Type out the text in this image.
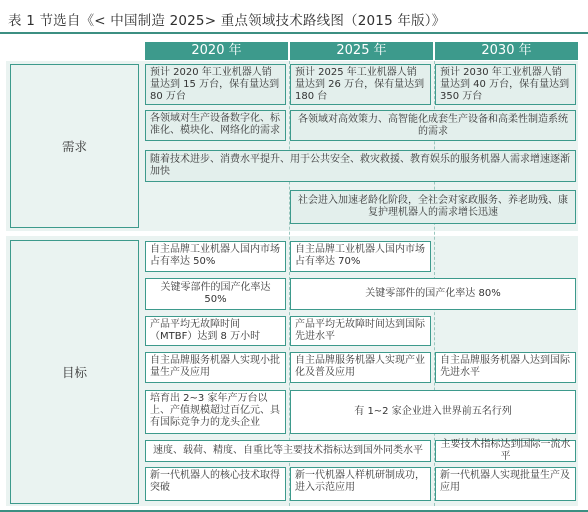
表 1 节选自《< 中国制造 2025> 重点领域技术路线图（2015 年版）》
2020 年	2025 年	2030 年
需求
目标
预计 2020 年工业机器人销量达到 15 万台，保有量达到 80 万台
预计 2025 年工业机器人销量达到 26 万台，保有量达到 180 台
预计 2030 年工业机器人销量达到 40 万台，保有量达到 350 万台
各领域对生产设备数字化、标准化、模块化、网络化的需求
各领域对高效策力、高智能化成套生产设备和高柔性制造系统的需求
随着技术进步、消费水平提升、用于公共安全、救灾救援、教育娱乐的服务机器人需求增速逐渐加快
社会进入加速老龄化阶段，全社会对家政服务、养老助残、康复护理机器人的需求增长迅速
自主品牌工业机器人国内市场占有率达 50%
自主品牌工业机器人国内市场占有率达 70%
关键零部件的国产化率达 50%
关键零部件的国产化率达 80%
产品平均无故障时间（MTBF）达到 8 万小时
产品平均无故障时间达到国际先进水平
自主品牌服务机器人实现小批量生产及应用
自主品牌服务机器人实现产业化及普及应用
自主品牌服务机器人达到国际先进水平
培育出 2~3 家年产万台以上、产值规模超过百亿元、具有国际竞争力的龙头企业
有 1~2 家企业进入世界前五名行列
速度、载荷、精度、自重比等主要技术指标达到国外同类水平
主要技术指标达到国际一流水平
新一代机器人的核心技术取得突破
新一代机器人样机研制成功，进入示范应用
新一代机器人实现批量生产及应用
